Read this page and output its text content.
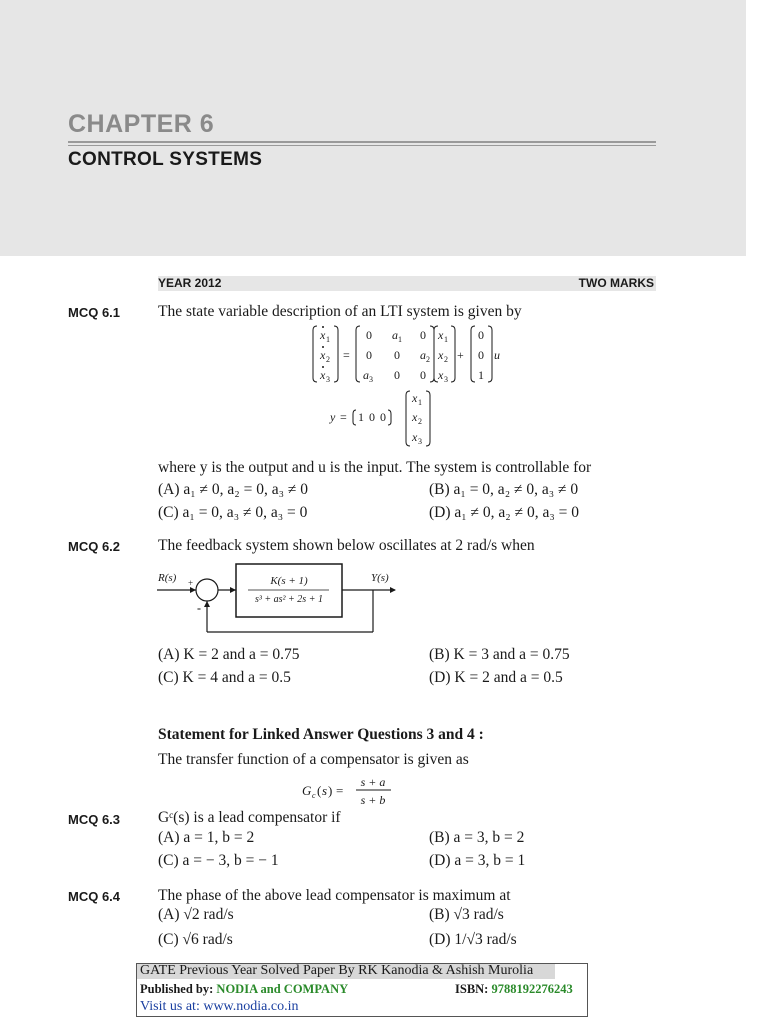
CHAPTER 6
CONTROL SYSTEMS
YEAR 2012	TWO MARKS
MCQ 6.1 The state variable description of an LTI system is given by
x 1
x 2
x 3
=
0 a 1 0
0 0 a 2
a 3 0 0
x 1
x 2
x 3
+
0
0
1
u
y = 1 0 0
x 1
x 2
x 3
where y is the output and u is the input. The system is controllable for
(A) a₁ ≠ 0, a₂ = 0, a₃ ≠ 0	(B) a₁ = 0, a₂ ≠ 0, a₃ ≠ 0
(C) a₁ = 0, a₃ ≠ 0, a₃ = 0	(D) a₁ ≠ 0, a₂ ≠ 0, a₃ = 0
MCQ 6.2 The feedback system shown below oscillates at 2 rad/s when
R(s)	Y(s)
+
-
K(s + 1)
s³ + as² + 2s + 1
(A) K = 2 and a = 0.75	(B) K = 3 and a = 0.75
(C) K = 4 and a = 0.5	(D) K = 2 and a = 0.5
Statement for Linked Answer Questions 3 and 4 :
The transfer function of a compensator is given as
G c ( s ) =
s + a
s + b
MCQ 6.3 Gᶜ(s) is a lead compensator if
(A) a = 1, b = 2	(B) a = 3, b = 2
(C) a = − 3, b = − 1	(D) a = 3, b = 1
MCQ 6.4 The phase of the above lead compensator is maximum at
(A) √2 rad/s	(B) √3 rad/s
(C) √6 rad/s	(D) 1/√3 rad/s
GATE Previous Year Solved Paper By RK Kanodia & Ashish Murolia
Published by: NODIA and COMPANY	ISBN: 9788192276243
Visit us at: www.nodia.co.in
